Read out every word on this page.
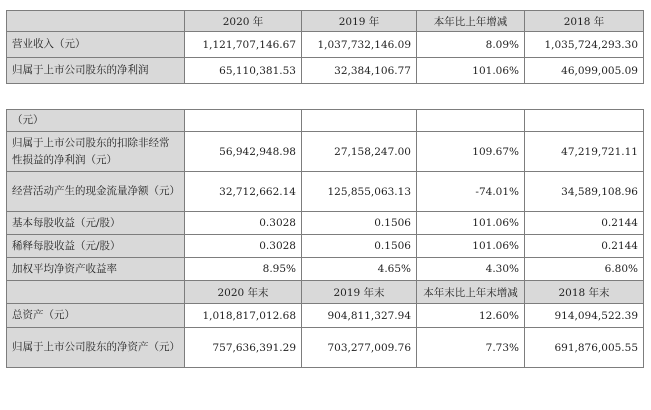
	2020 年	2019 年	本年比上年增减	2018 年
营业收入（元）	1,121,707,146.67	1,037,732,146.09	8.09%	1,035,724,293.30
归属于上市公司股东的净利润	65,110,381.53	32,384,106.77	101.06%	46,099,005.09
（元）				
归属于上市公司股东的扣除非经常性损益的净利润（元）	56,942,948.98	27,158,247.00	109.67%	47,219,721.11
经营活动产生的现金流量净额（元）	32,712,662.14	125,855,063.13	-74.01%	34,589,108.96
基本每股收益（元/股）	0.3028	0.1506	101.06%	0.2144
稀释每股收益（元/股）	0.3028	0.1506	101.06%	0.2144
加权平均净资产收益率	8.95%	4.65%	4.30%	6.80%
	2020 年末	2019 年末	本年末比上年末增减	2018 年末
总资产（元）	1,018,817,012.68	904,811,327.94	12.60%	914,094,522.39
归属于上市公司股东的净资产（元）	757,636,391.29	703,277,009.76	7.73%	691,876,005.55
